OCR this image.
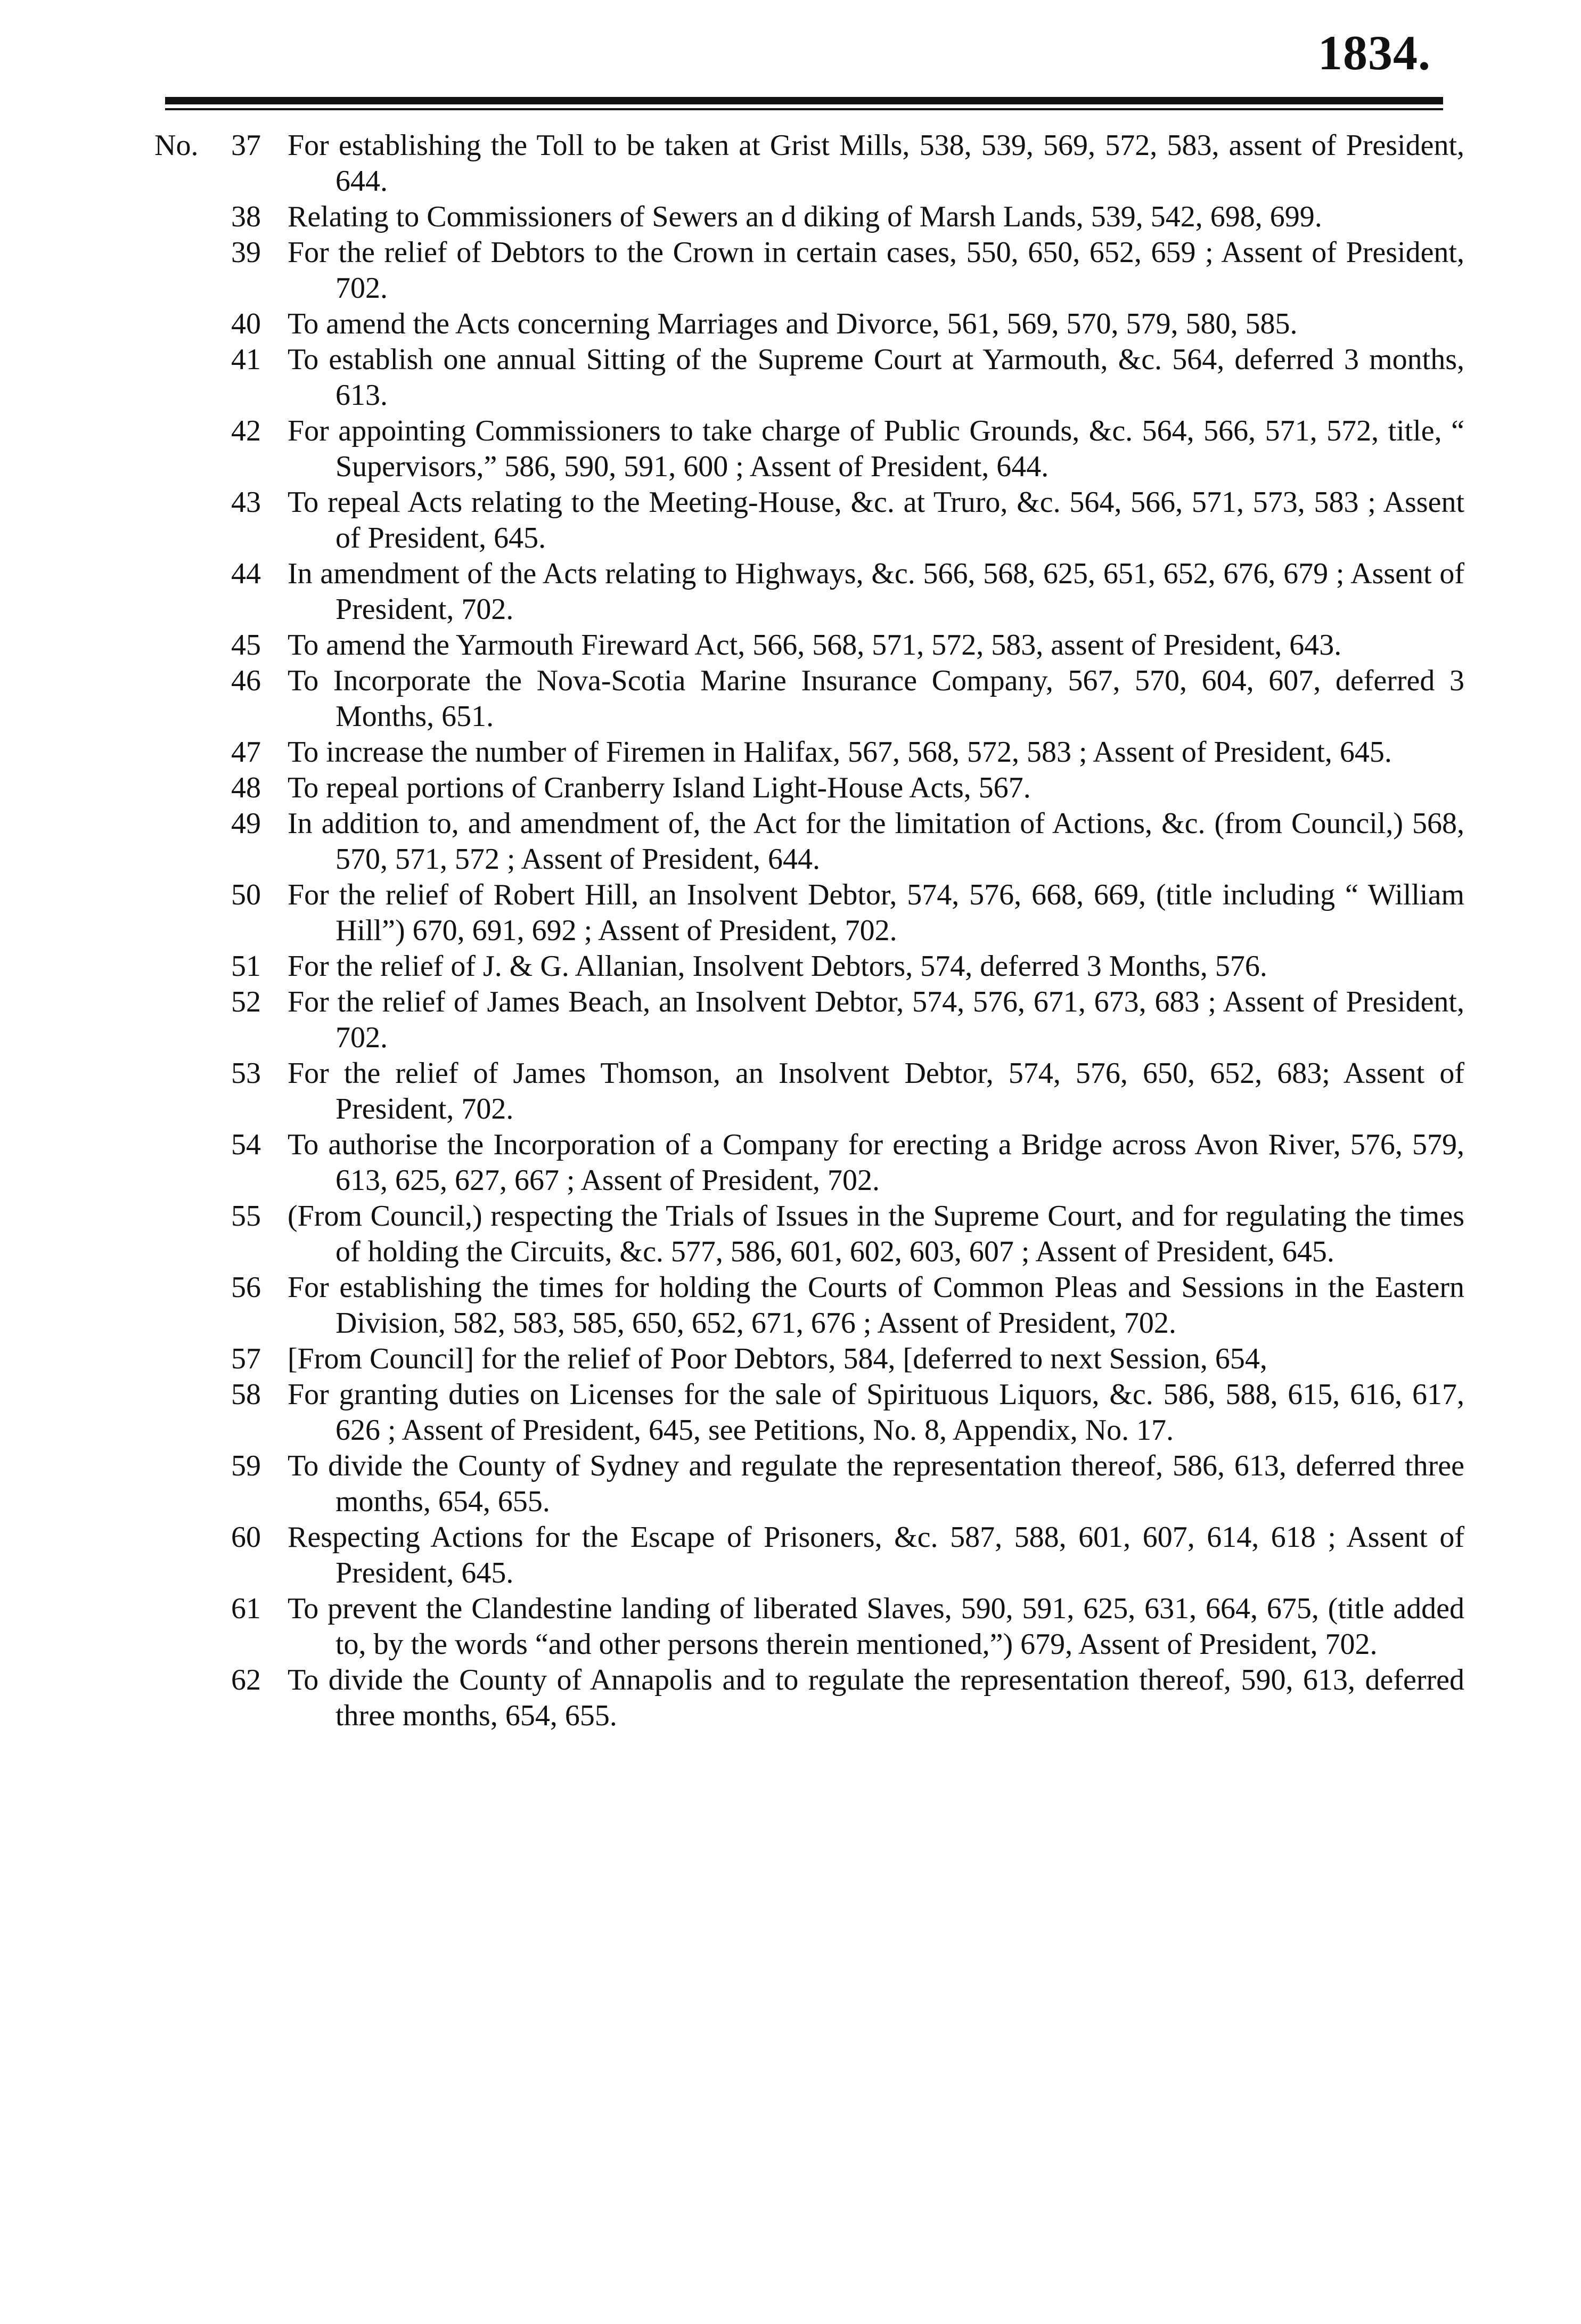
1834.
No.	37 For establishing the Toll to be taken at Grist Mills, 538, 539, 569, 572, 583, assent of President, 644.
38 Relating to Commissioners of Sewers an d diking of Marsh Lands, 539, 542, 698, 699.
39 For the relief of Debtors to the Crown in certain cases, 550, 650, 652, 659 ; Assent of President, 702.
40 To amend the Acts concerning Marriages and Divorce, 561, 569, 570, 579, 580, 585.
41 To establish one annual Sitting of the Supreme Court at Yarmouth, &c. 564, deferred 3 months, 613.
42 For appointing Commissioners to take charge of Public Grounds, &c. 564, 566, 571, 572, title, “ Supervisors,” 586, 590, 591, 600 ; Assent of President, 644.
43 To repeal Acts relating to the Meeting-House, &c. at Truro, &c. 564, 566, 571, 573, 583 ; Assent of President, 645.
44 In amendment of the Acts relating to Highways, &c. 566, 568, 625, 651, 652, 676, 679 ; Assent of President, 702.
45 To amend the Yarmouth Fireward Act, 566, 568, 571, 572, 583, assent of President, 643.
46 To Incorporate the Nova-Scotia Marine Insurance Company, 567, 570, 604, 607, deferred 3 Months, 651.
47 To increase the number of Firemen in Halifax, 567, 568, 572, 583 ; Assent of President, 645.
48 To repeal portions of Cranberry Island Light-House Acts, 567.
49 In addition to, and amendment of, the Act for the limitation of Actions, &c. (from Council,) 568, 570, 571, 572 ; Assent of President, 644.
50 For the relief of Robert Hill, an Insolvent Debtor, 574, 576, 668, 669, (title including “ William Hill”) 670, 691, 692 ; Assent of President, 702.
51 For the relief of J. & G. Allanian, Insolvent Debtors, 574, deferred 3 Months, 576.
52 For the relief of James Beach, an Insolvent Debtor, 574, 576, 671, 673, 683 ; Assent of President, 702.
53 For the relief of James Thomson, an Insolvent Debtor, 574, 576, 650, 652, 683; Assent of President, 702.
54 To authorise the Incorporation of a Company for erecting a Bridge across Avon River, 576, 579, 613, 625, 627, 667 ; Assent of President, 702.
55 (From Council,) respecting the Trials of Issues in the Supreme Court, and for regulating the times of holding the Circuits, &c. 577, 586, 601, 602, 603, 607 ; Assent of President, 645.
56 For establishing the times for holding the Courts of Common Pleas and Sessions in the Eastern Division, 582, 583, 585, 650, 652, 671, 676 ; Assent of President, 702.
57 [From Council] for the relief of Poor Debtors, 584, [deferred to next Session, 654,
58 For granting duties on Licenses for the sale of Spirituous Liquors, &c. 586, 588, 615, 616, 617, 626 ; Assent of President, 645, see Petitions, No. 8, Appendix, No. 17.
59 To divide the County of Sydney and regulate the representation thereof, 586, 613, deferred three months, 654, 655.
60 Respecting Actions for the Escape of Prisoners, &c. 587, 588, 601, 607, 614, 618 ; Assent of President, 645.
61 To prevent the Clandestine landing of liberated Slaves, 590, 591, 625, 631, 664, 675, (title added to, by the words “and other persons therein mentioned,”) 679, Assent of President, 702.
62 To divide the County of Annapolis and to regulate the representation thereof, 590, 613, deferred three months, 654, 655.
